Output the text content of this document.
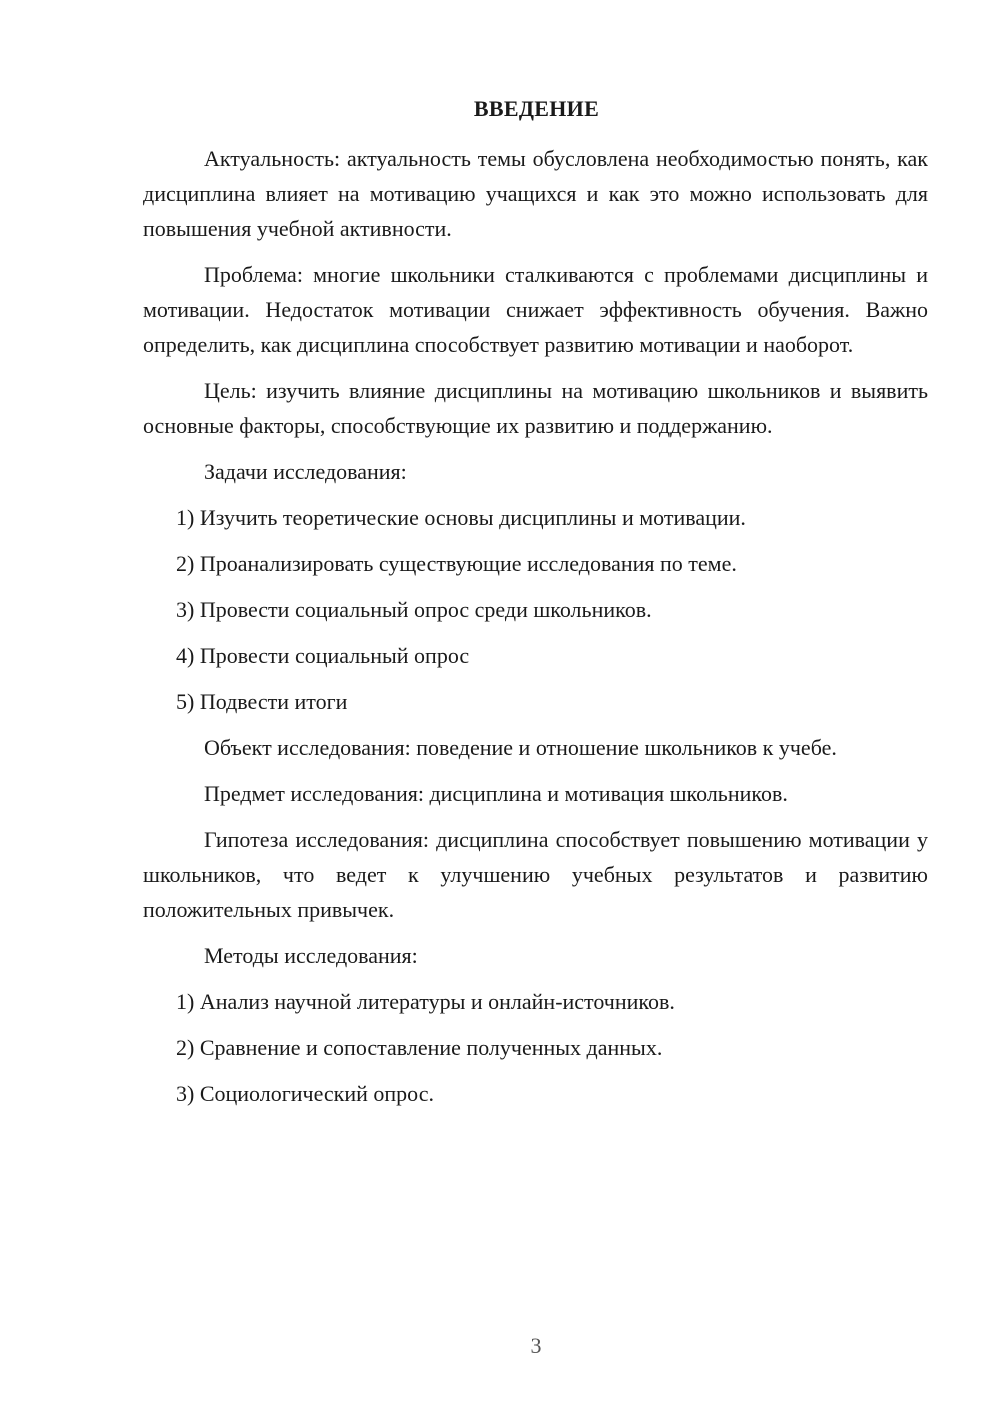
ВВЕДЕНИЕ

Актуальность: актуальность темы обусловлена необходимостью понять, как дисциплина влияет на мотивацию учащихся и как это можно использовать для повышения учебной активности.

Проблема: многие школьники сталкиваются с проблемами дисциплины и мотивации. Недостаток мотивации снижает эффективность обучения. Важно определить, как дисциплина способствует развитию мотивации и наоборот.

Цель: изучить влияние дисциплины на мотивацию школьников и выявить основные факторы, способствующие их развитию и поддержанию.

Задачи исследования:

1) Изучить теоретические основы дисциплины и мотивации.

2) Проанализировать существующие исследования по теме.

3) Провести социальный опрос среди школьников.

4) Провести социальный опрос

5) Подвести итоги

Объект исследования: поведение и отношение школьников к учебе.

Предмет исследования: дисциплина и мотивация школьников.

Гипотеза исследования: дисциплина способствует повышению мотивации у школьников, что ведет к улучшению учебных результатов и развитию положительных привычек.

Методы исследования:

1) Анализ научной литературы и онлайн-источников.

2) Сравнение и сопоставление полученных данных.

3) Социологический опрос.

3
